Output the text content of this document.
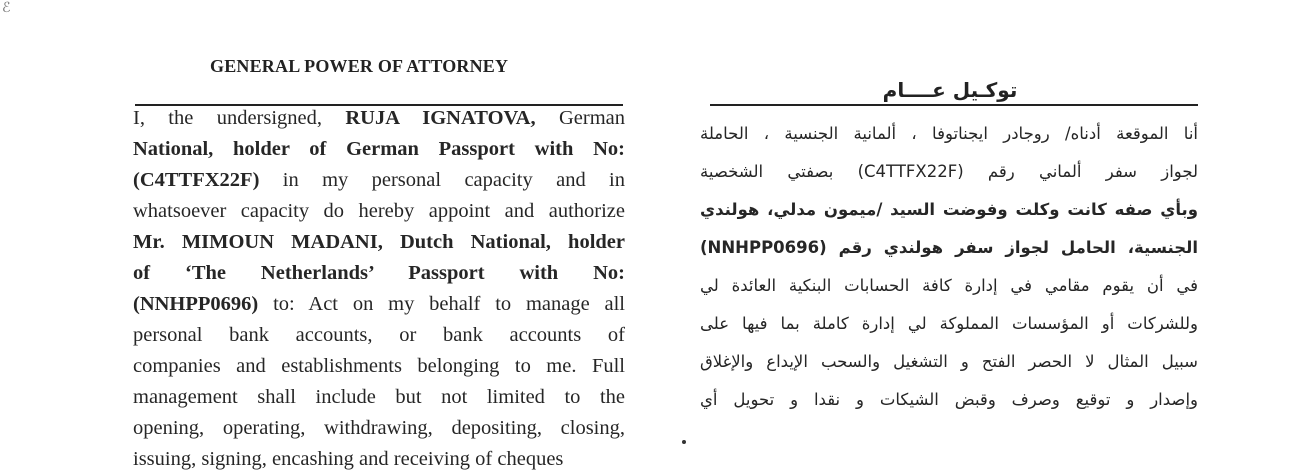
ℰ
GENERAL POWER OF ATTORNEY
I, the undersigned, RUJA IGNATOVA, German
National, holder of German Passport with No:
(C4TTFX22F) in my personal capacity and in
whatsoever capacity do hereby appoint and authorize
Mr. MIMOUN MADANI, Dutch National, holder
of ‘The Netherlands’ Passport with No:
(NNHPP0696) to: Act on my behalf to manage all
personal bank accounts, or bank accounts of
companies and establishments belonging to me. Full
management shall include but not limited to the
opening, operating, withdrawing, depositing, closing,
issuing, signing, encashing and receiving of cheques
توكـيل عــــام
أنا الموقعة أدناه/ روجادر ايجناتوفا ، ألمانية الجنسية ، الحاملة
لجواز سفر ألماني رقم (C4TTFX22F) بصفتي الشخصية
وبأي صفه كانت وكلت وفوضت السيد /ميمون مدلي، هولندي
الجنسية، الحامل لجواز سفر هولندي رقم (NNHPP0696)
في أن يقوم مقامي في إدارة كافة الحسابات البنكية العائدة لي
وللشركات أو المؤسسات المملوكة لي إدارة كاملة بما فيها على
سبيل المثال لا الحصر الفتح و التشغيل والسحب الإيداع والإغلاق
وإصدار و توقيع وصرف وقبض الشيكات و نقدا و تحويل أي
